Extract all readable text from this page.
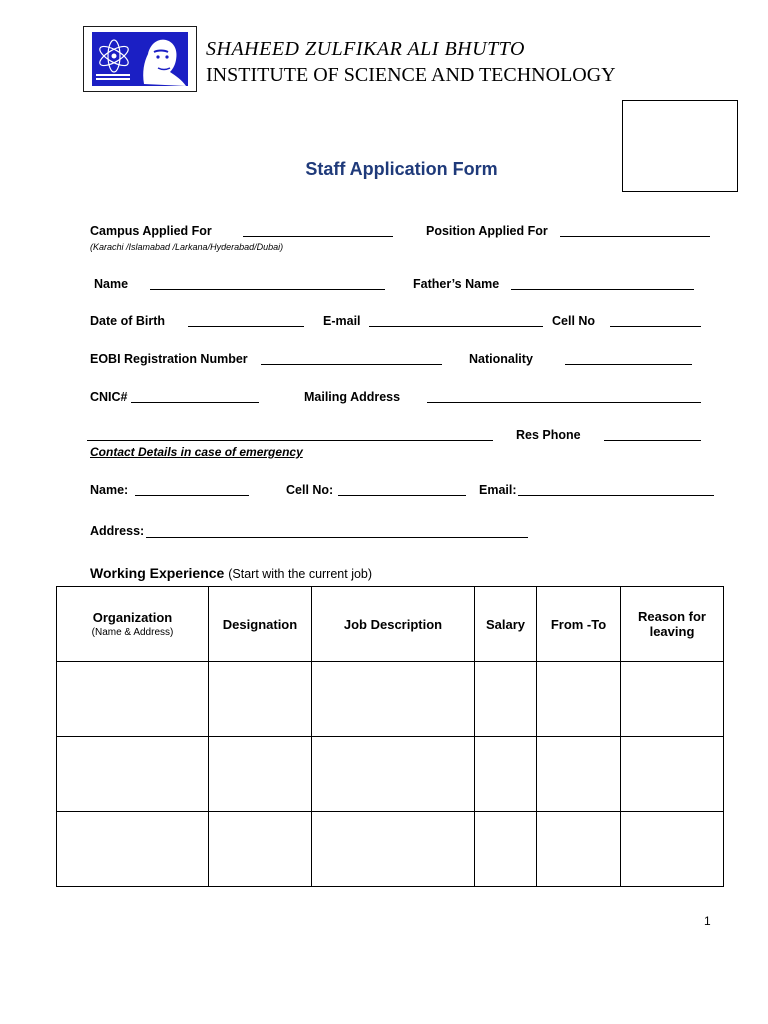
SHAHEED ZULFIKAR ALI BHUTTO
INSTITUTE OF SCIENCE AND TECHNOLOGY
Staff Application Form
Campus Applied For
(Karachi /Islamabad /Larkana/Hyderabad/Dubai)
Position Applied For
Name	Father’s Name
Date of Birth	E-mail	Cell No
EOBI Registration Number	Nationality
CNIC#	Mailing Address
Res Phone
Contact Details in case of emergency
Name:	Cell No:	Email:
Address:
Working Experience (Start with the current job)
Organization
(Name & Address)	Designation	Job Description	Salary	From -To	Reason for leaving

1
